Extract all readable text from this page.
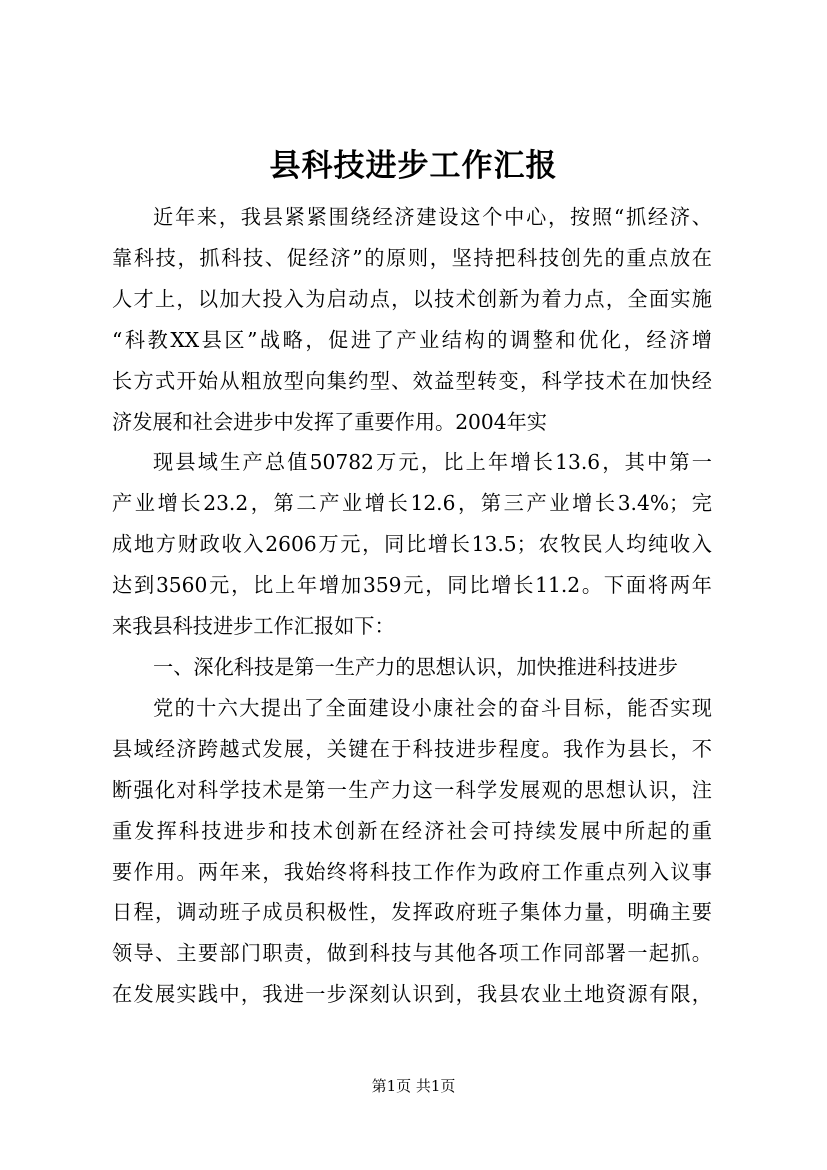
县科技进步工作汇报

近年来，我县紧紧围绕经济建设这个中心，按照“抓经济、
靠科技，抓科技、促经济”的原则，坚持把科技创先的重点放在
人才上，以加大投入为启动点，以技术创新为着力点，全面实施
“科教XX县区”战略，促进了产业结构的调整和优化，经济增
长方式开始从粗放型向集约型、效益型转变，科学技术在加快经
济发展和社会进步中发挥了重要作用。2004年实

现县域生产总值50782万元，比上年增长13.6，其中第一
产业增长23.2，第二产业增长12.6，第三产业增长3.4%；完
成地方财政收入2606万元，同比增长13.5；农牧民人均纯收入
达到3560元，比上年增加359元，同比增长11.2。下面将两年
来我县科技进步工作汇报如下：

一、深化科技是第一生产力的思想认识，加快推进科技进步

党的十六大提出了全面建设小康社会的奋斗目标，能否实现
县域经济跨越式发展，关键在于科技进步程度。我作为县长，不
断强化对科学技术是第一生产力这一科学发展观的思想认识，注
重发挥科技进步和技术创新在经济社会可持续发展中所起的重
要作用。两年来，我始终将科技工作作为政府工作重点列入议事
日程，调动班子成员积极性，发挥政府班子集体力量，明确主要
领导、主要部门职责，做到科技与其他各项工作同部署一起抓。
在发展实践中，我进一步深刻认识到，我县农业土地资源有限，

第1页 共1页
